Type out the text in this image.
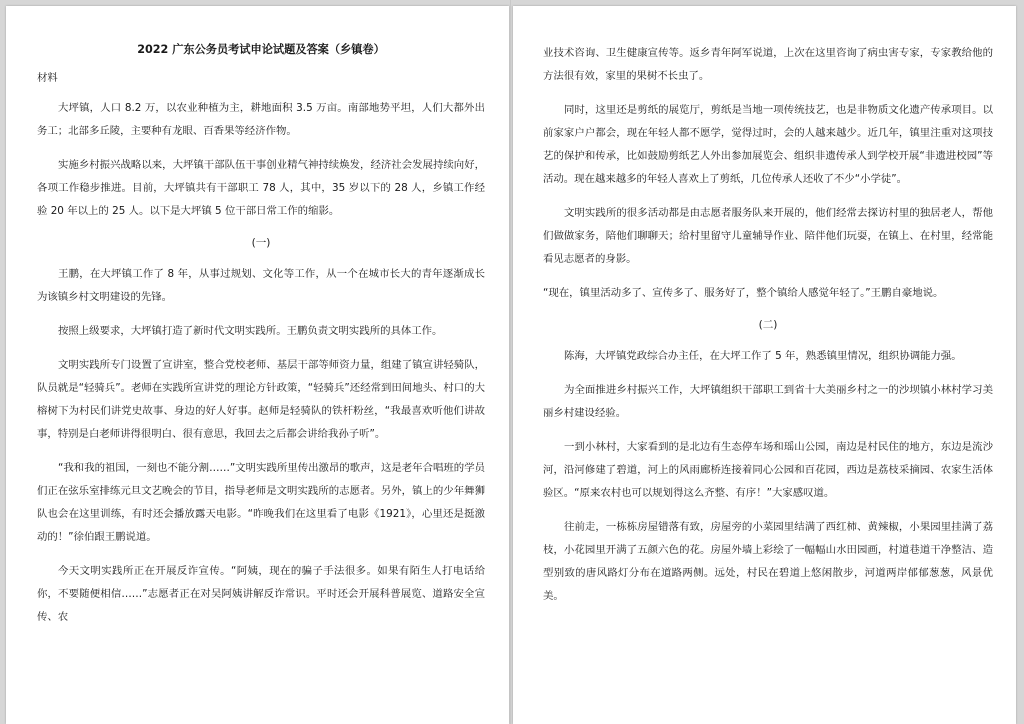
2022 广东公务员考试申论试题及答案（乡镇卷）
材料

大坪镇，人口 8.2 万，以农业种植为主，耕地面积 3.5 万亩。南部地势平坦，人们大都外出务工；北部多丘陵，主要种有龙眼、百香果等经济作物。

实施乡村振兴战略以来，大坪镇干部队伍干事创业精气神持续焕发，经济社会发展持续向好，各项工作稳步推进。目前，大坪镇共有干部职工 78 人，其中，35 岁以下的 28 人，乡镇工作经验 20 年以上的 25 人。以下是大坪镇 5 位干部日常工作的缩影。

(一)

王鹏，在大坪镇工作了 8 年，从事过规划、文化等工作，从一个在城市长大的青年逐渐成长为该镇乡村文明建设的先锋。

按照上级要求，大坪镇打造了新时代文明实践所。王鹏负责文明实践所的具体工作。

文明实践所专门设置了宣讲室，整合党校老师、基层干部等师资力量，组建了镇宣讲轻骑队，队员就是“轻骑兵”。老师在实践所宣讲党的理论方针政策，“轻骑兵”还经常到田间地头、村口的大榕树下为村民们讲党史故事、身边的好人好事。赵师是轻骑队的铁杆粉丝，“我最喜欢听他们讲故事，特别是白老师讲得很明白、很有意思，我回去之后都会讲给我孙子听”。

“我和我的祖国，一刻也不能分割……”文明实践所里传出激昂的歌声，这是老年合唱班的学员们正在弦乐室排练元旦文艺晚会的节目，指导老师是文明实践所的志愿者。另外，镇上的少年舞狮队也会在这里训练，有时还会播放露天电影。“昨晚我们在这里看了电影《1921》，心里还是挺激动的！”徐伯跟王鹏说道。

今天文明实践所正在开展反诈宣传。“阿姨，现在的骗子手法很多。如果有陌生人打电话给你，不要随便相信……”志愿者正在对吴阿姨讲解反诈常识。平时还会开展科普展览、道路安全宣传、农

业技术咨询、卫生健康宣传等。返乡青年阿军说道，上次在这里咨询了病虫害专家，专家教给他的方法很有效，家里的果树不长虫了。

同时，这里还是剪纸的展览厅，剪纸是当地一项传统技艺，也是非物质文化遗产传承项目。以前家家户户都会，现在年轻人都不愿学，觉得过时，会的人越来越少。近几年，镇里注重对这项技艺的保护和传承，比如鼓励剪纸艺人外出参加展览会、组织非遗传承人到学校开展“非遗进校园”等活动。现在越来越多的年轻人喜欢上了剪纸，几位传承人还收了不少“小学徒”。

文明实践所的很多活动都是由志愿者服务队来开展的，他们经常去探访村里的独居老人，帮他们做做家务，陪他们聊聊天；给村里留守儿童辅导作业、陪伴他们玩耍，在镇上、在村里，经常能看见志愿者的身影。

“现在，镇里活动多了、宣传多了、服务好了，整个镇给人感觉年轻了。”王鹏自豪地说。

(二)

陈海，大坪镇党政综合办主任，在大坪工作了 5 年，熟悉镇里情况，组织协调能力强。

为全面推进乡村振兴工作，大坪镇组织干部职工到省十大美丽乡村之一的沙坝镇小林村学习美丽乡村建设经验。

一到小林村，大家看到的是北边有生态停车场和瑶山公园，南边是村民住的地方，东边是流沙河，沿河修建了碧道，河上的风雨廊桥连接着同心公园和百花园，西边是荔枝采摘园、农家生活体验区。“原来农村也可以规划得这么齐整、有序！”大家感叹道。

往前走，一栋栋房屋错落有致，房屋旁的小菜园里结满了西红柿、黄辣椒，小果园里挂满了荔枝，小花园里开满了五颜六色的花。房屋外墙上彩绘了一幅幅山水田园画，村道巷道干净整洁、造型别致的唐风路灯分布在道路两侧。远处，村民在碧道上悠闲散步，河道两岸郁郁葱葱，风景优美。
